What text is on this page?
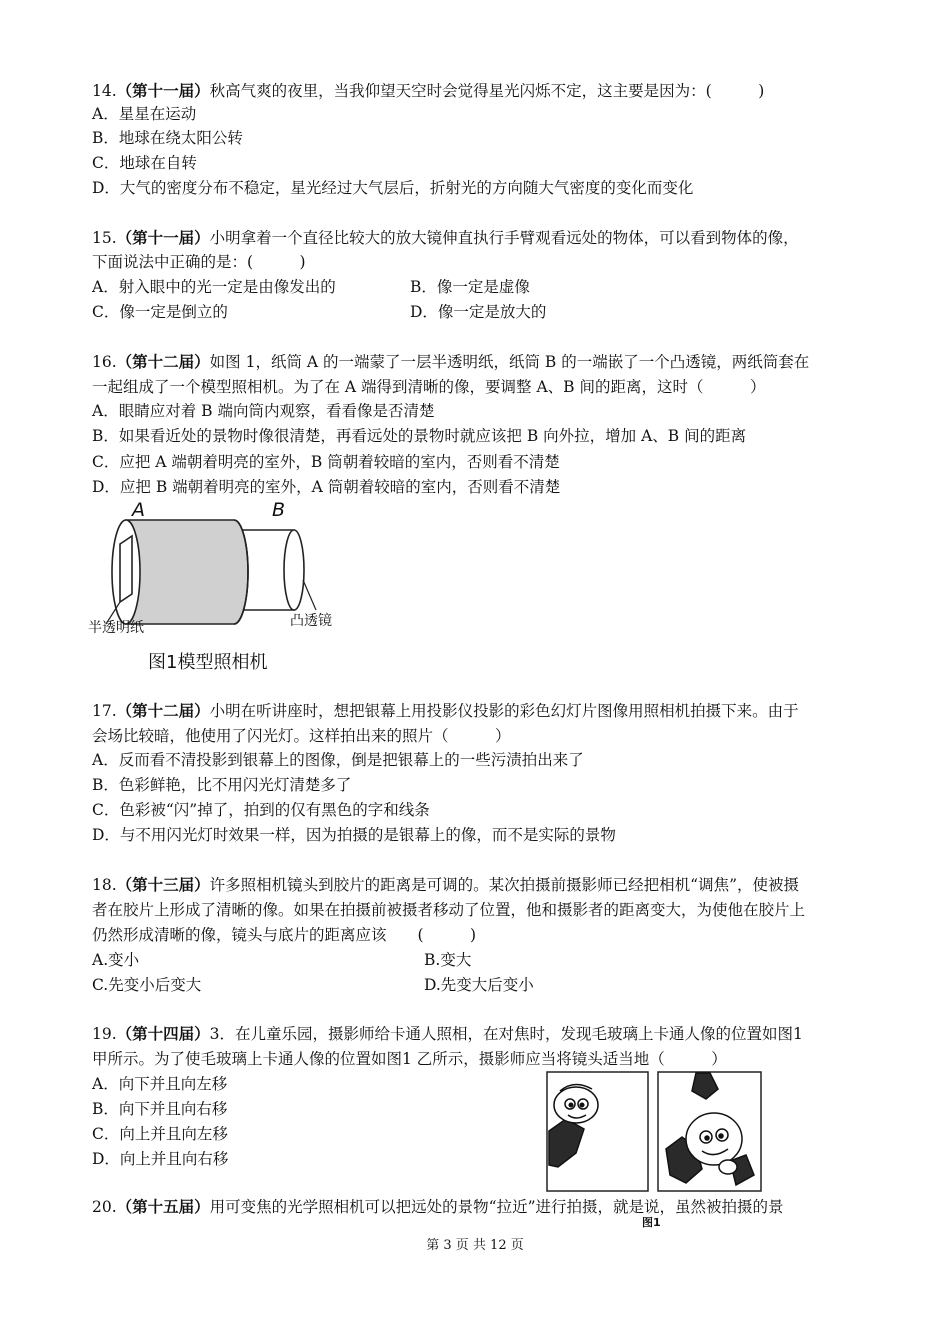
14.（第十一届）秋高气爽的夜里，当我仰望天空时会觉得星光闪烁不定，这主要是因为：(　　　)
A．星星在运动
B．地球在绕太阳公转
C．地球在自转
D．大气的密度分布不稳定，星光经过大气层后，折射光的方向随大气密度的变化而变化
15.（第十一届）小明拿着一个直径比较大的放大镜伸直执行手臂观看远处的物体，可以看到物体的像，
下面说法中正确的是：(　　　)
A．射入眼中的光一定是由像发出的	B．像一定是虚像
C．像一定是倒立的	D．像一定是放大的
16.（第十二届）如图 1，纸筒 A 的一端蒙了一层半透明纸，纸筒 B 的一端嵌了一个凸透镜，两纸筒套在
一起组成了一个模型照相机。为了在 A 端得到清晰的像，要调整 A、B 间的距离，这时（　　　）
A．眼睛应对着 B 端向筒内观察，看看像是否清楚
B．如果看近处的景物时像很清楚，再看远处的景物时就应该把 B 向外拉，增加 A、B 间的距离
C．应把 A 端朝着明亮的室外，B 筒朝着较暗的室内，否则看不清楚
D．应把 B 端朝着明亮的室外，A 筒朝着较暗的室内，否则看不清楚
A	B
半透明纸	凸透镜
图1模型照相机
17.（第十二届）小明在听讲座时，想把银幕上用投影仪投影的彩色幻灯片图像用照相机拍摄下来。由于
会场比较暗，他使用了闪光灯。这样拍出来的照片（　　　）
A．反而看不清投影到银幕上的图像，倒是把银幕上的一些污渍拍出来了
B．色彩鲜艳，比不用闪光灯清楚多了
C．色彩被“闪”掉了，拍到的仅有黑色的字和线条
D．与不用闪光灯时效果一样，因为拍摄的是银幕上的像，而不是实际的景物
18.（第十三届）许多照相机镜头到胶片的距离是可调的。某次拍摄前摄影师已经把相机“调焦”，使被摄
者在胶片上形成了清晰的像。如果在拍摄前被摄者移动了位置，他和摄影者的距离变大，为使他在胶片上
仍然形成清晰的像，镜头与底片的距离应该　　(　　　)
A.变小	B.变大
C.先变小后变大	D.先变大后变小
19.（第十四届）3．在儿童乐园，摄影师给卡通人照相，在对焦时，发现毛玻璃上卡通人像的位置如图1
甲所示。为了使毛玻璃上卡通人像的位置如图1 乙所示，摄影师应当将镜头适当地（　　　）
A．向下并且向左移
B．向下并且向右移
C．向上并且向左移
D．向上并且向右移
20.（第十五届）用可变焦的光学照相机可以把远处的景物“拉近”进行拍摄，就是说，虽然被拍摄的景
图1
第 3 页 共 12 页
